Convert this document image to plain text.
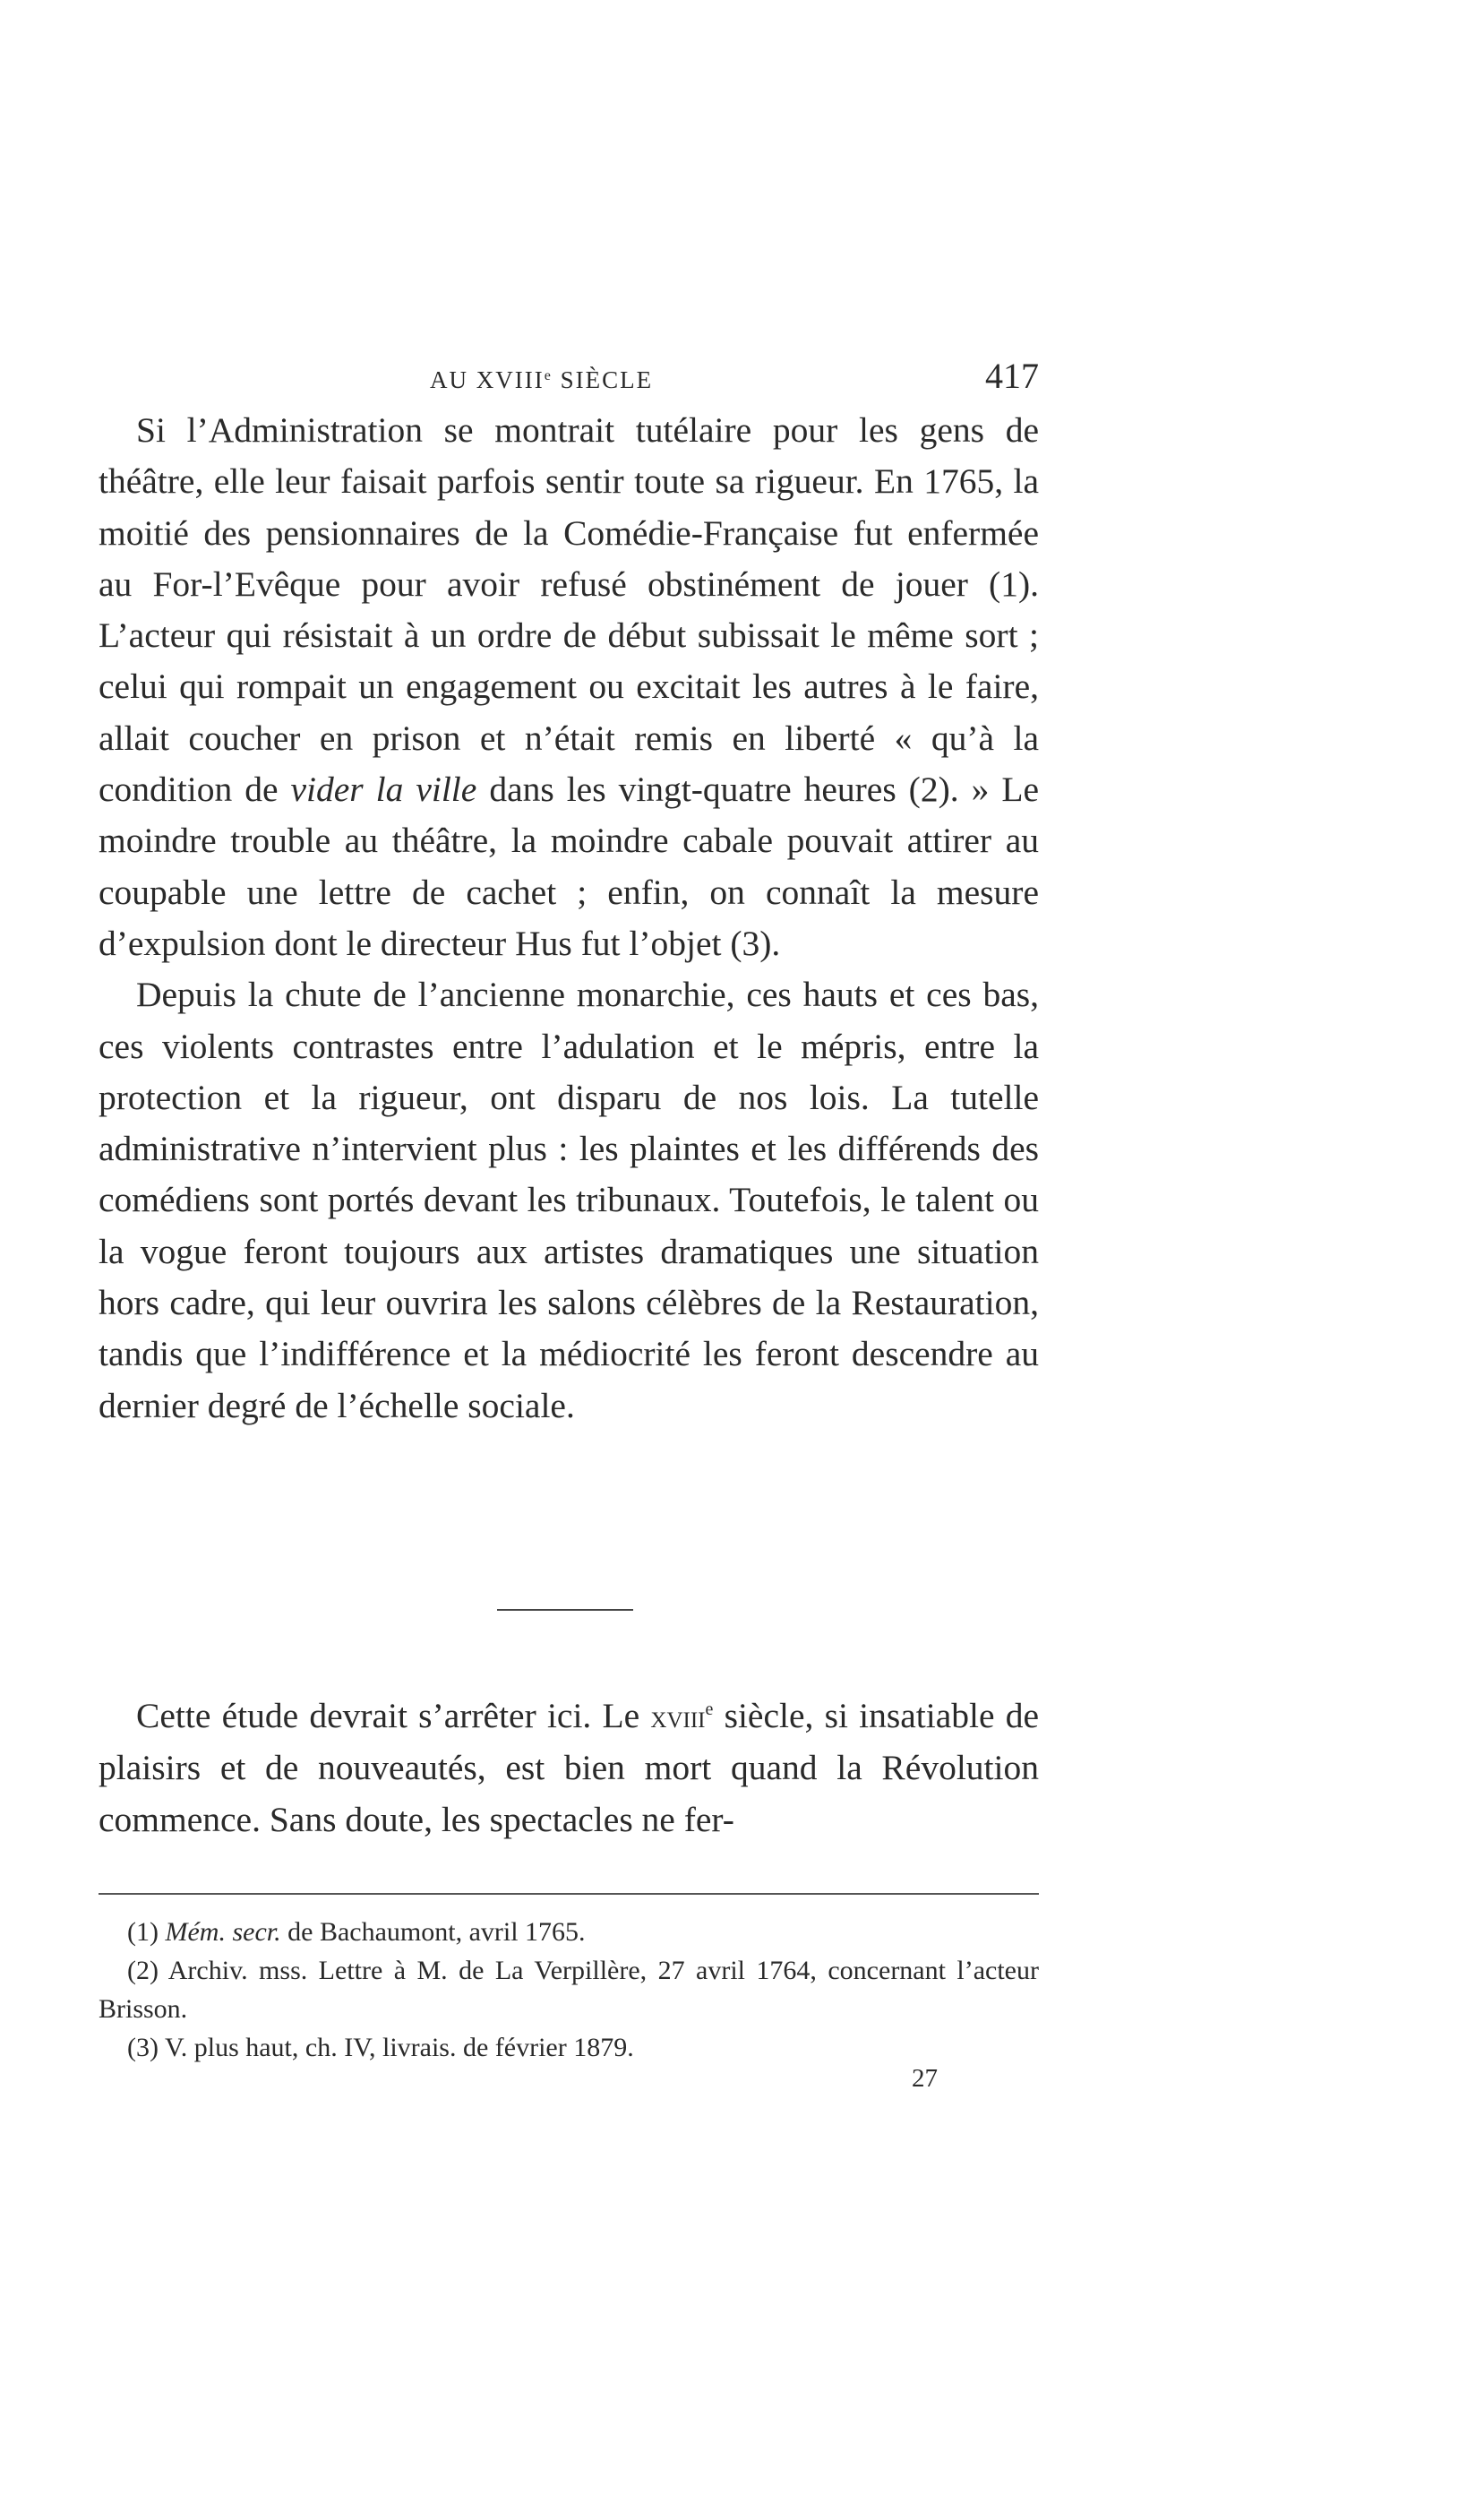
AU XVIIIe SIÈCLE	417

Si l’Administration se montrait tutélaire pour les gens de théâtre, elle leur faisait parfois sentir toute sa rigueur. En 1765, la moitié des pensionnaires de la Comédie-Française fut enfermée au For-l’Evêque pour avoir refusé obstinément de jouer (1). L’acteur qui résistait à un ordre de début subissait le même sort ; celui qui rompait un engagement ou excitait les autres à le faire, allait coucher en prison et n’était remis en liberté « qu’à la condition de vider la ville dans les vingt-quatre heures (2). » Le moindre trouble au théâtre, la moindre cabale pouvait attirer au coupable une lettre de cachet ; enfin, on connaît la mesure d’expulsion dont le directeur Hus fut l’objet (3).

Depuis la chute de l’ancienne monarchie, ces hauts et ces bas, ces violents contrastes entre l’adulation et le mépris, entre la protection et la rigueur, ont disparu de nos lois. La tutelle administrative n’intervient plus : les plaintes et les différends des comédiens sont portés devant les tribunaux. Toutefois, le talent ou la vogue feront toujours aux artistes dramatiques une situation hors cadre, qui leur ouvrira les salons célèbres de la Restauration, tandis que l’indifférence et la médiocrité les feront descendre au dernier degré de l’échelle sociale.

Cette étude devrait s’arrêter ici. Le xviii$^e$ siècle, si insatiable de plaisirs et de nouveautés, est bien mort quand la Révolution commence. Sans doute, les spectacles ne fer-

(1) Mém. secr. de Bachaumont, avril 1765.

(2) Archiv. mss. Lettre à M. de La Verpillère, 27 avril 1764, concernant l’acteur Brisson.

(3) V. plus haut, ch. IV, livrais. de février 1879.

27
